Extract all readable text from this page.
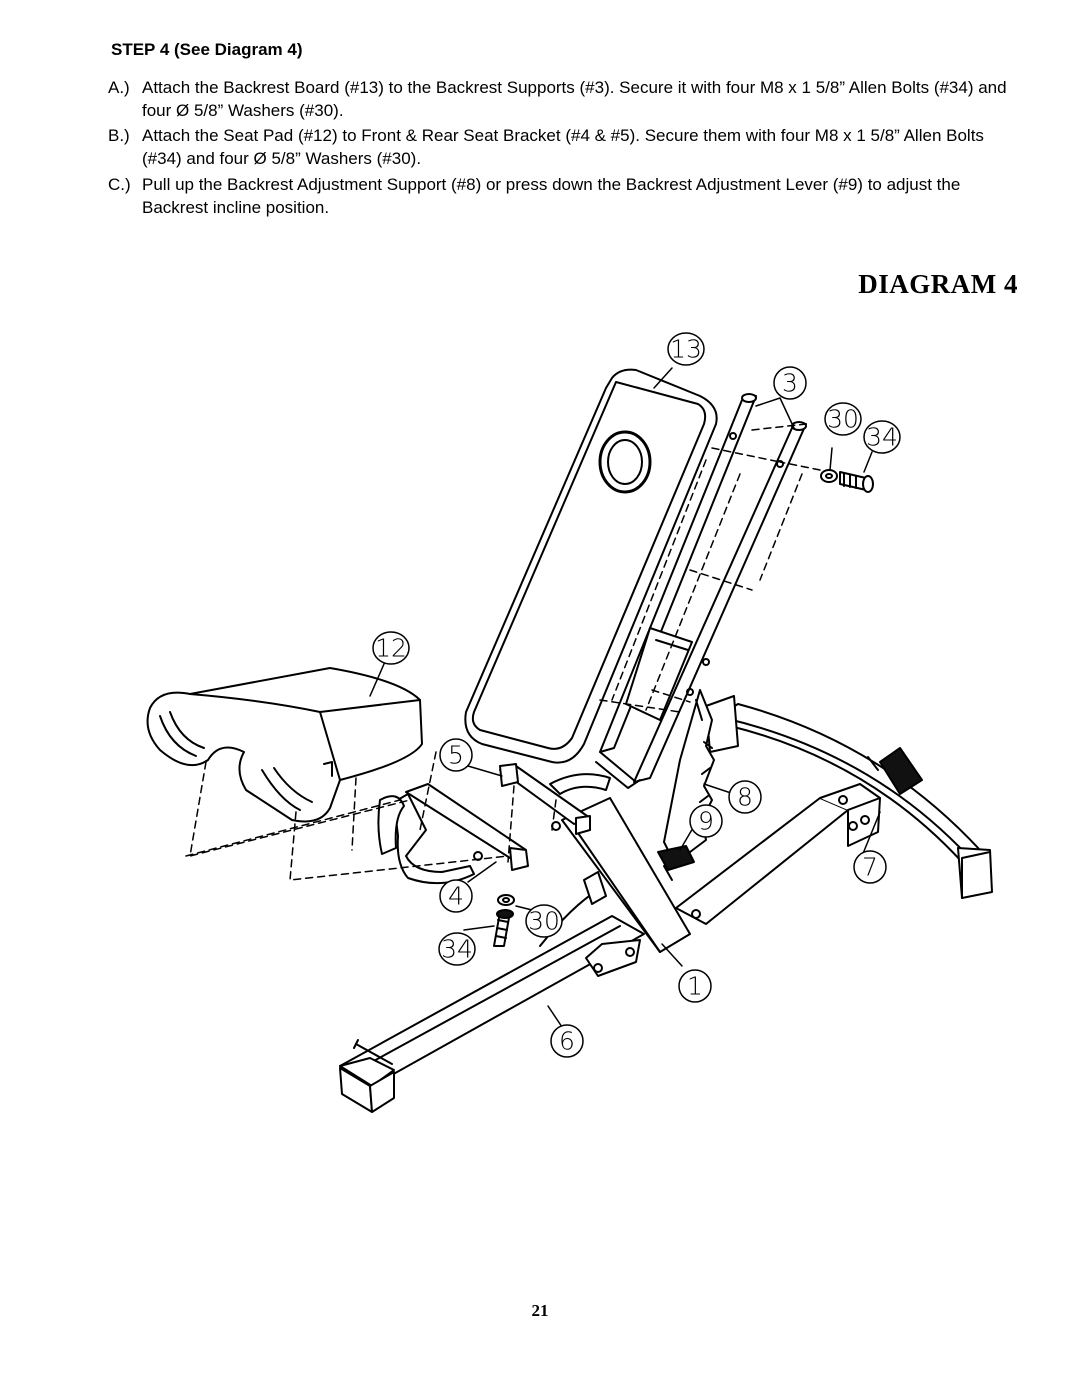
STEP 4 (See Diagram 4)
A.) Attach the Backrest Board (#13) to the Backrest Supports (#3). Secure it with four M8 x 1 5/8” Allen Bolts (#34) and four Ø 5/8” Washers (#30).
B.) Attach the Seat Pad (#12) to Front & Rear Seat Bracket (#4 & #5). Secure them with four M8 x 1 5/8” Allen Bolts (#34) and four Ø 5/8” Washers (#30).
C.) Pull up the Backrest Adjustment Support (#8) or press down the Backrest Adjustment Lever (#9) to adjust the Backrest incline position.
DIAGRAM 4
13
3
30
34
12
5
8
9
7
4
30
34
1
6
21
